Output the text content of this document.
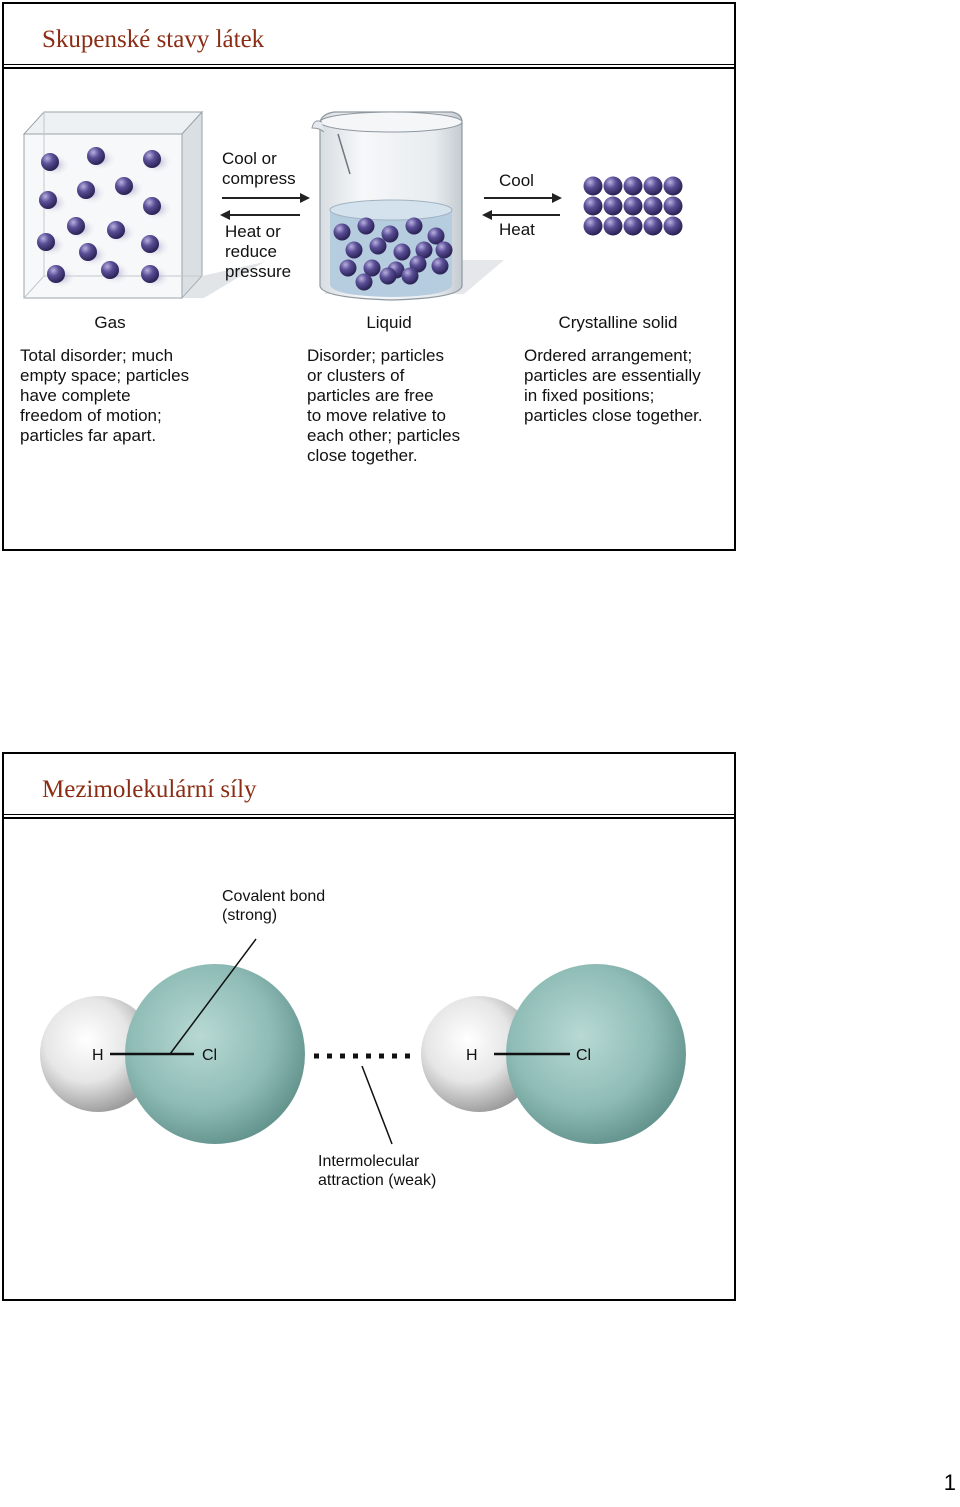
Skupenské stavy látek
Cool or compress
Heat or reduce pressure
Cool
Heat
Gas	Liquid	Crystalline solid
Total disorder; much empty space; particles have complete freedom of motion; particles far apart.
Disorder; particles or clusters of particles are free to move relative to each other; particles close together.
Ordered arrangement; particles are essentially in fixed positions; particles close together.
Mezimolekulární síly
H	Cl	H	Cl
Covalent bond (strong)
Intermolecular attraction (weak)
1
